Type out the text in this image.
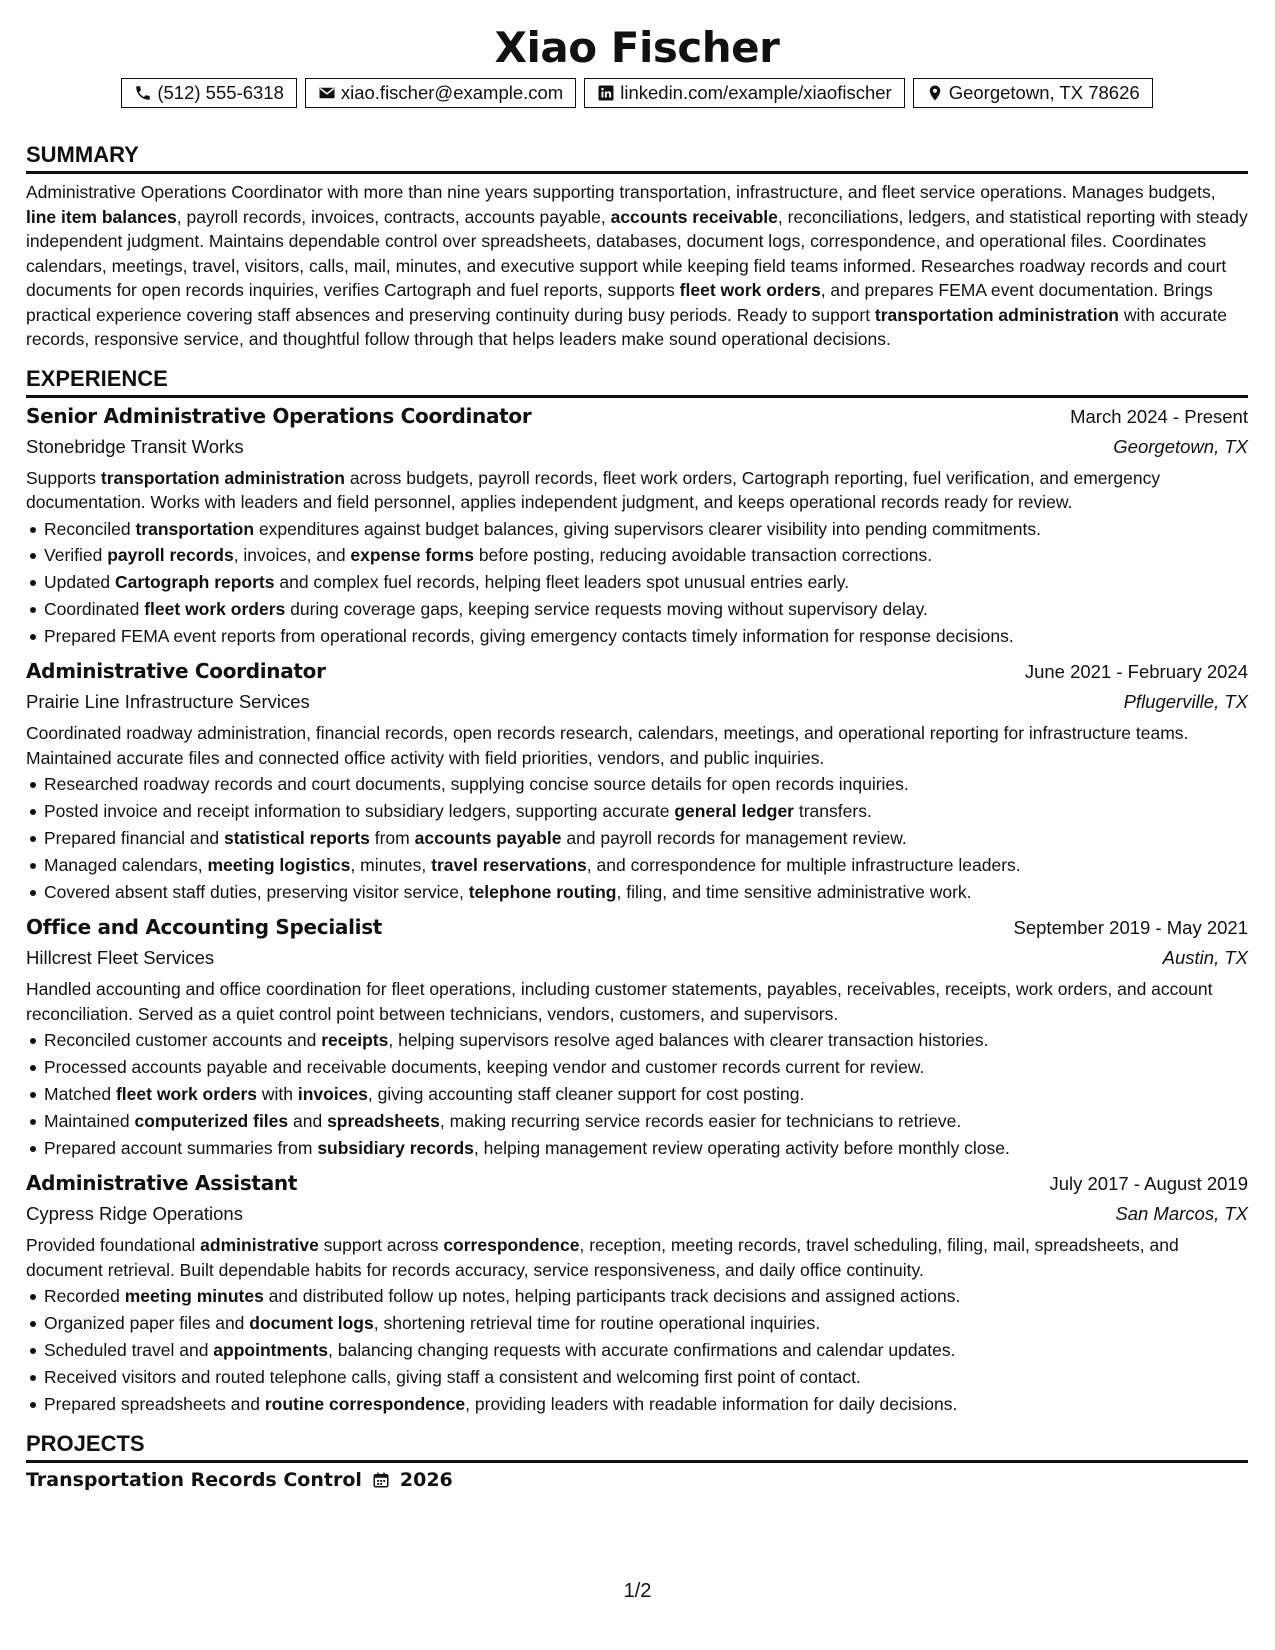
Xiao Fischer
(512) 555-6318	xiao.fischer@example.com	linkedin.com/example/xiaofischer	Georgetown, TX 78626
SUMMARY
Administrative Operations Coordinator with more than nine years supporting transportation, infrastructure, and fleet service operations. Manages budgets, line item balances, payroll records, invoices, contracts, accounts payable, accounts receivable, reconciliations, ledgers, and statistical reporting with steady independent judgment. Maintains dependable control over spreadsheets, databases, document logs, correspondence, and operational files. Coordinates calendars, meetings, travel, visitors, calls, mail, minutes, and executive support while keeping field teams informed. Researches roadway records and court documents for open records inquiries, verifies Cartograph and fuel reports, supports fleet work orders, and prepares FEMA event documentation. Brings practical experience covering staff absences and preserving continuity during busy periods. Ready to support transportation administration with accurate records, responsive service, and thoughtful follow through that helps leaders make sound operational decisions.
EXPERIENCE
Senior Administrative Operations Coordinator	March 2024 - Present
Stonebridge Transit Works	Georgetown, TX
Supports transportation administration across budgets, payroll records, fleet work orders, Cartograph reporting, fuel verification, and emergency documentation. Works with leaders and field personnel, applies independent judgment, and keeps operational records ready for review.
Reconciled transportation expenditures against budget balances, giving supervisors clearer visibility into pending commitments.
Verified payroll records, invoices, and expense forms before posting, reducing avoidable transaction corrections.
Updated Cartograph reports and complex fuel records, helping fleet leaders spot unusual entries early.
Coordinated fleet work orders during coverage gaps, keeping service requests moving without supervisory delay.
Prepared FEMA event reports from operational records, giving emergency contacts timely information for response decisions.
Administrative Coordinator	June 2021 - February 2024
Prairie Line Infrastructure Services	Pflugerville, TX
Coordinated roadway administration, financial records, open records research, calendars, meetings, and operational reporting for infrastructure teams. Maintained accurate files and connected office activity with field priorities, vendors, and public inquiries.
Researched roadway records and court documents, supplying concise source details for open records inquiries.
Posted invoice and receipt information to subsidiary ledgers, supporting accurate general ledger transfers.
Prepared financial and statistical reports from accounts payable and payroll records for management review.
Managed calendars, meeting logistics, minutes, travel reservations, and correspondence for multiple infrastructure leaders.
Covered absent staff duties, preserving visitor service, telephone routing, filing, and time sensitive administrative work.
Office and Accounting Specialist	September 2019 - May 2021
Hillcrest Fleet Services	Austin, TX
Handled accounting and office coordination for fleet operations, including customer statements, payables, receivables, receipts, work orders, and account reconciliation. Served as a quiet control point between technicians, vendors, customers, and supervisors.
Reconciled customer accounts and receipts, helping supervisors resolve aged balances with clearer transaction histories.
Processed accounts payable and receivable documents, keeping vendor and customer records current for review.
Matched fleet work orders with invoices, giving accounting staff cleaner support for cost posting.
Maintained computerized files and spreadsheets, making recurring service records easier for technicians to retrieve.
Prepared account summaries from subsidiary records, helping management review operating activity before monthly close.
Administrative Assistant	July 2017 - August 2019
Cypress Ridge Operations	San Marcos, TX
Provided foundational administrative support across correspondence, reception, meeting records, travel scheduling, filing, mail, spreadsheets, and document retrieval. Built dependable habits for records accuracy, service responsiveness, and daily office continuity.
Recorded meeting minutes and distributed follow up notes, helping participants track decisions and assigned actions.
Organized paper files and document logs, shortening retrieval time for routine operational inquiries.
Scheduled travel and appointments, balancing changing requests with accurate confirmations and calendar updates.
Received visitors and routed telephone calls, giving staff a consistent and welcoming first point of contact.
Prepared spreadsheets and routine correspondence, providing leaders with readable information for daily decisions.
PROJECTS
Transportation Records Control 2026
1/2
